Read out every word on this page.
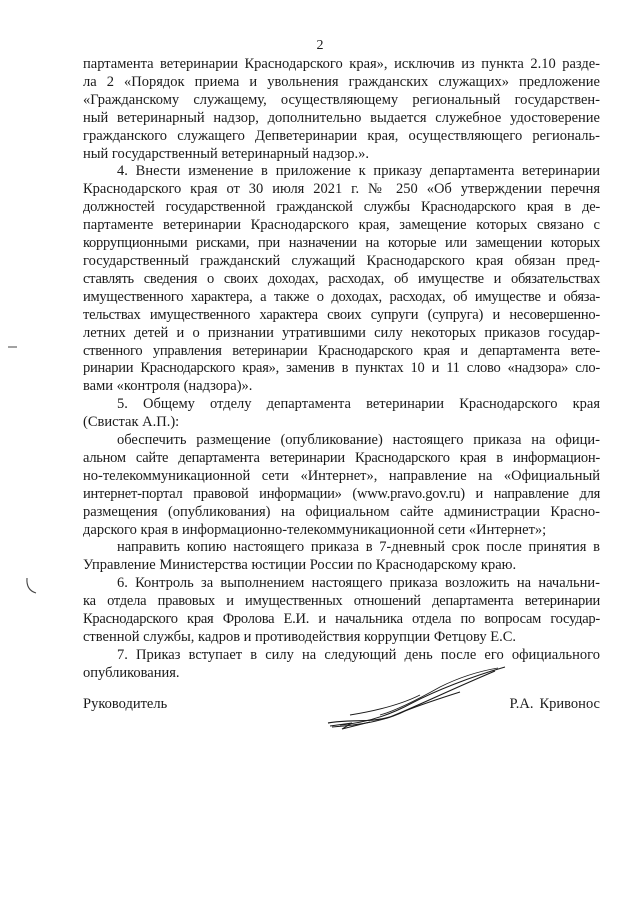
2

партамента ветеринарии Краснодарского края», исключив из пункта 2.10 разде-

ла 2 «Порядок приема и увольнения гражданских служащих» предложение

«Гражданскому служащему, осуществляющему региональный государствен-

ный ветеринарный надзор, дополнительно выдается служебное удостоверение

гражданского служащего Депветеринарии края, осуществляющего региональ-

ный государственный ветеринарный надзор.».

4. Внести изменение в приложение к приказу департамента ветеринарии

Краснодарского края от 30 июля 2021 г. № 250 «Об утверждении перечня

должностей государственной гражданской службы Краснодарского края в де-

партаменте ветеринарии Краснодарского края, замещение которых связано с

коррупционными рисками, при назначении на которые или замещении которых

государственный гражданский служащий Краснодарского края обязан пред-

ставлять сведения о своих доходах, расходах, об имуществе и обязательствах

имущественного характера, а также о доходах, расходах, об имуществе и обяза-

тельствах имущественного характера своих супруги (супруга) и несовершенно-

летних детей и о признании утратившими силу некоторых приказов государ-

ственного управления ветеринарии Краснодарского края и департамента вете-

ринарии Краснодарского края», заменив в пунктах 10 и 11 слово «надзора» сло-

вами «контроля (надзора)».

5. Общему отделу департамента ветеринарии Краснодарского края

(Свистак А.П.):

обеспечить размещение (опубликование) настоящего приказа на офици-

альном сайте департамента ветеринарии Краснодарского края в информацион-

но-телекоммуникационной сети «Интернет», направление на «Официальный

интернет-портал правовой информации» (www.pravo.gov.ru) и направление для

размещения (опубликования) на официальном сайте администрации Красно-

дарского края в информационно-телекоммуникационной сети «Интернет»;

направить копию настоящего приказа в 7-дневный срок после принятия в

Управление Министерства юстиции России по Краснодарскому краю.

6. Контроль за выполнением настоящего приказа возложить на начальни-

ка отдела правовых и имущественных отношений департамента ветеринарии

Краснодарского края Фролова Е.И. и начальника отдела по вопросам государ-

ственной службы, кадров и противодействия коррупции Фетцову Е.С.

7. Приказ вступает в силу на следующий день после его официального

опубликования.

Руководитель	Р.А. Кривонос
